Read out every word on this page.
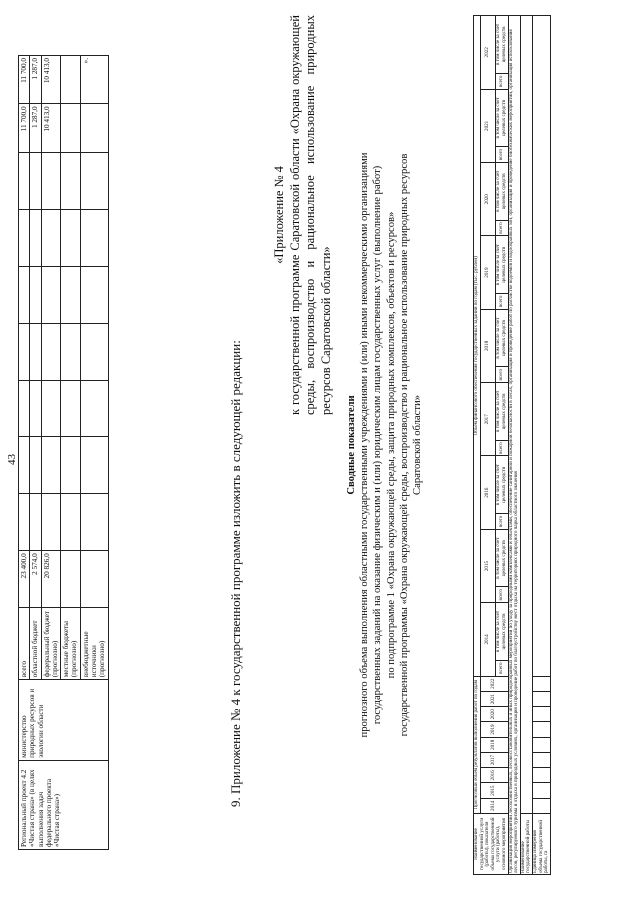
43
Региональный проект 4.2 «Чистая страна» (в целях выполнения задач федерального проекта «Чистая страна»)	министерство природных ресурсов и экологии области	всего	23 400,0								11 700,0	11 700,0
		областной бюджет	2 574,0								1 287,0	1 287,0
		федеральный бюджет (прогнозно)	20 826,0								10 413,0	10 413,0
		местные бюджеты (прогнозно)										
		внебюджетные источники (прогнозно)										».
9. Приложение № 4 к государственной программе изложить в следующей редакции:
«Приложение № 4 к государственной программе Саратовской области «Охрана окружающей среды, воспроизводство и рациональное использование природных ресурсов Саратовской области»
Сводные показатели прогнозного объема выполнения областными государственными учреждениями и (или) иными некоммерческими организациями государственных заданий на оказание физическим и (или) юридическим лицам государственных услуг (выполнение работ) по подпрограмме 1 «Охрана окружающей среды, защита природных комплексов, объектов и ресурсов» государственной программы «Охрана окружающей среды, воспроизводство и рациональное использование природных ресурсов Саратовской области»
Наименование государственной услуги (работы), показателя объема государственной услуги (работы), основного мероприятия	Прогнозный объем результатов выполнения работ по годам									Объем финансового обеспечения государственных заданий по годам (тыс. рублей)																	
	2014	2015	2016	2017	2018	2019	2020	2021	2022	2014		2015		2016		2017		2018		2019		2020		2021		2022	
										всего	в том числе за счет целевых средств	всего	в том числе за счет целевых средств	всего	в том числе за счет целевых средств	всего	в том числе за счет целевых средств	всего	в том числе за счет целевых средств	всего	в том числе за счет целевых средств	всего	в том числе за счет целевых средств	всего	в том числе за счет целевых средств	всего	в том числе за счет целевых средств
Организация мероприятий лесохозяйственных, лесовосстановительных и иных природоохранных мероприятий по уходу за природными комплексами и объектами, обеспечение санитарной и пожарной безопасности в лесах, организация и проведение работ по расчистке водоемов и водоохранных зон, организация и проведение биотехнических мероприятий, организация использования лесов, регулируемого туризма и отдыха в природных условиях, организация и проведение работ по благоустройству мест отдыха на территориях природного парка областного значения																											
Наименование государственной работы																											
Единица измерения объема государственной работы, га																											
